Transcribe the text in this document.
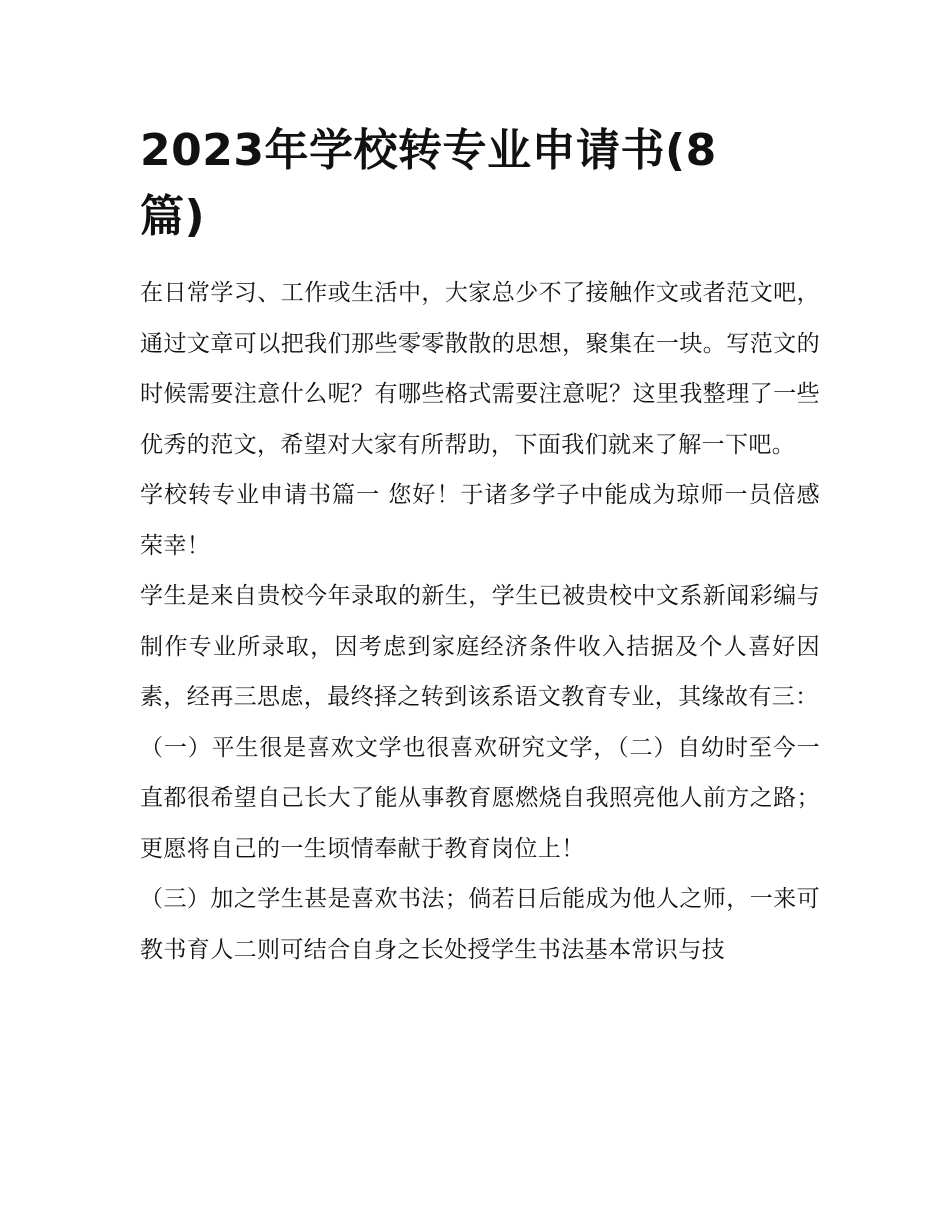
2023年学校转专业申请书(8篇)

在日常学习、工作或生活中，大家总少不了接触作文或者范文吧，通过文章可以把我们那些零零散散的思想，聚集在一块。写范文的时候需要注意什么呢？有哪些格式需要注意呢？这里我整理了一些优秀的范文，希望对大家有所帮助，下面我们就来了解一下吧。

学校转专业申请书篇一 您好！于诸多学子中能成为琼师一员倍感荣幸！

学生是来自贵校今年录取的新生，学生已被贵校中文系新闻彩编与制作专业所录取，因考虑到家庭经济条件收入拮据及个人喜好因素，经再三思虑，最终择之转到该系语文教育专业，其缘故有三：

（一）平生很是喜欢文学也很喜欢研究文学，（二）自幼时至今一直都很希望自己长大了能从事教育愿燃烧自我照亮他人前方之路；更愿将自己的一生顷情奉献于教育岗位上！

（三）加之学生甚是喜欢书法；倘若日后能成为他人之师，一来可教书育人二则可结合自身之长处授学生书法基本常识与技
